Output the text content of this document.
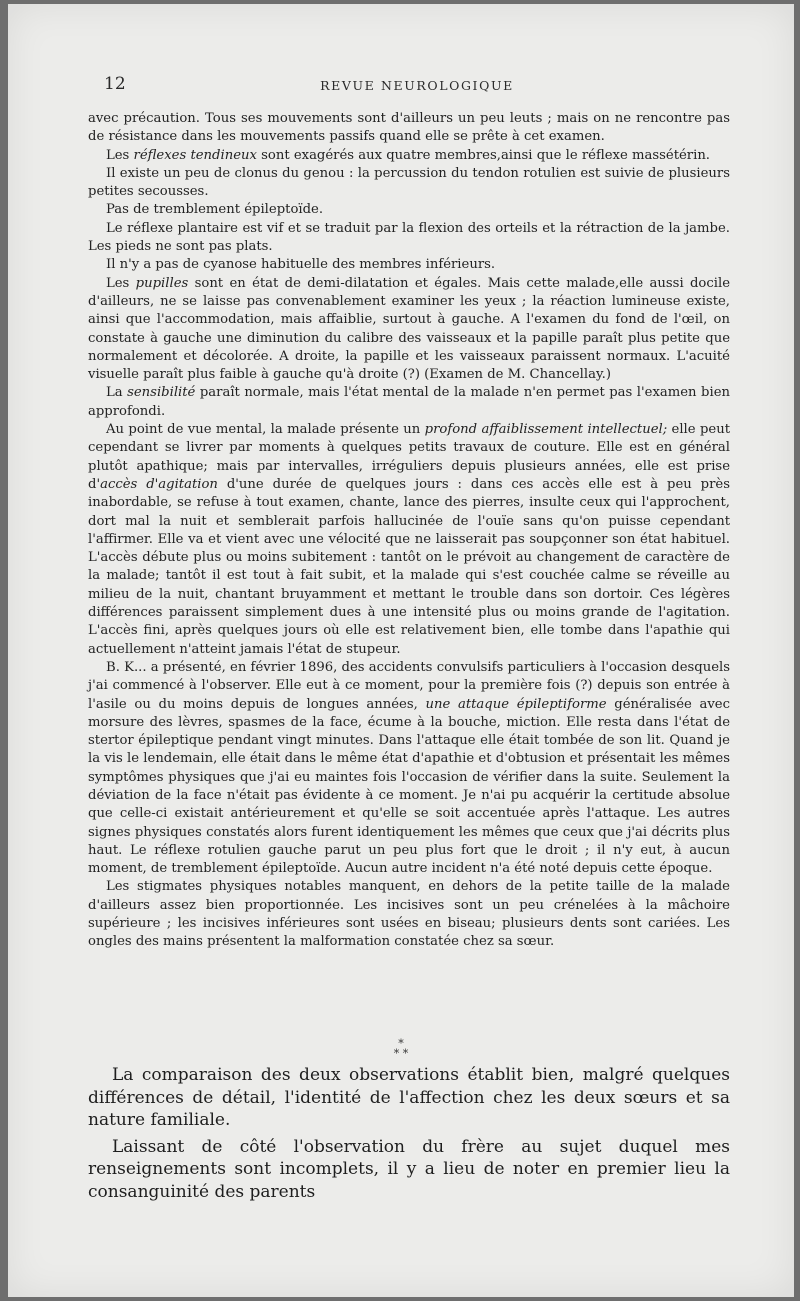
12	REVUE NEUROLOGIQUE

avec précaution. Tous ses mouvements sont d'ailleurs un peu leuts ; mais on ne rencontre pas de résistance dans les mouvements passifs quand elle se prête à cet examen.

Les réflexes tendineux sont exagérés aux quatre membres,ainsi que le réflexe massétérin.

Il existe un peu de clonus du genou : la percussion du tendon rotulien est suivie de plusieurs petites secousses.

Pas de tremblement épileptoïde.

Le réflexe plantaire est vif et se traduit par la flexion des orteils et la rétraction de la jambe. Les pieds ne sont pas plats.

Il n'y a pas de cyanose habituelle des membres inférieurs.

Les pupilles sont en état de demi-dilatation et égales. Mais cette malade,elle aussi docile d'ailleurs, ne se laisse pas convenablement examiner les yeux ; la réaction lumineuse existe, ainsi que l'accommodation, mais affaiblie, surtout à gauche. A l'examen du fond de l'œil, on constate à gauche une diminution du calibre des vaisseaux et la papille paraît plus petite que normalement et décolorée. A droite, la papille et les vaisseaux paraissent normaux. L'acuité visuelle paraît plus faible à gauche qu'à droite (?) (Examen de M. Chancellay.)

La sensibilité paraît normale, mais l'état mental de la malade n'en permet pas l'examen bien approfondi.

Au point de vue mental, la malade présente un profond affaiblissement intellectuel; elle peut cependant se livrer par moments à quelques petits travaux de couture. Elle est en général plutôt apathique; mais par intervalles, irréguliers depuis plusieurs années, elle est prise d'accès d'agitation d'une durée de quelques jours : dans ces accès elle est à peu près inabordable, se refuse à tout examen, chante, lance des pierres, insulte ceux qui l'approchent, dort mal la nuit et semblerait parfois hallucinée de l'ouïe sans qu'on puisse cependant l'affirmer. Elle va et vient avec une vélocité que ne laisserait pas soupçonner son état habituel. L'accès débute plus ou moins subitement : tantôt on le prévoit au changement de caractère de la malade; tantôt il est tout à fait subit, et la malade qui s'est couchée calme se réveille au milieu de la nuit, chantant bruyamment et mettant le trouble dans son dortoir. Ces légères différences paraissent simplement dues à une intensité plus ou moins grande de l'agitation. L'accès fini, après quelques jours où elle est relativement bien, elle tombe dans l'apathie qui actuellement n'atteint jamais l'état de stupeur.

B. K... a présenté, en février 1896, des accidents convulsifs particuliers à l'occasion desquels j'ai commencé à l'observer. Elle eut à ce moment, pour la première fois (?) depuis son entrée à l'asile ou du moins depuis de longues années, une attaque épileptiforme généralisée avec morsure des lèvres, spasmes de la face, écume à la bouche, miction. Elle resta dans l'état de stertor épileptique pendant vingt minutes. Dans l'attaque elle était tombée de son lit. Quand je la vis le lendemain, elle était dans le même état d'apathie et d'obtusion et présentait les mêmes symptômes physiques que j'ai eu maintes fois l'occasion de vérifier dans la suite. Seulement la déviation de la face n'était pas évidente à ce moment. Je n'ai pu acquérir la certitude absolue que celle-ci existait antérieurement et qu'elle se soit accentuée après l'attaque. Les autres signes physiques constatés alors furent identiquement les mêmes que ceux que j'ai décrits plus haut. Le réflexe rotulien gauche parut un peu plus fort que le droit ; il n'y eut, à aucun moment, de tremblement épileptoïde. Aucun autre incident n'a été noté depuis cette époque.

Les stigmates physiques notables manquent, en dehors de la petite taille de la malade d'ailleurs assez bien proportionnée. Les incisives sont un peu crénelées à la mâchoire supérieure ; les incisives inférieures sont usées en biseau; plusieurs dents sont cariées. Les ongles des mains présentent la malformation constatée chez sa sœur.

*
* *

La comparaison des deux observations établit bien, malgré quelques différences de détail, l'identité de l'affection chez les deux sœurs et sa nature familiale.

Laissant de côté l'observation du frère au sujet duquel mes renseignements sont incomplets, il y a lieu de noter en premier lieu la consanguinité des parents
